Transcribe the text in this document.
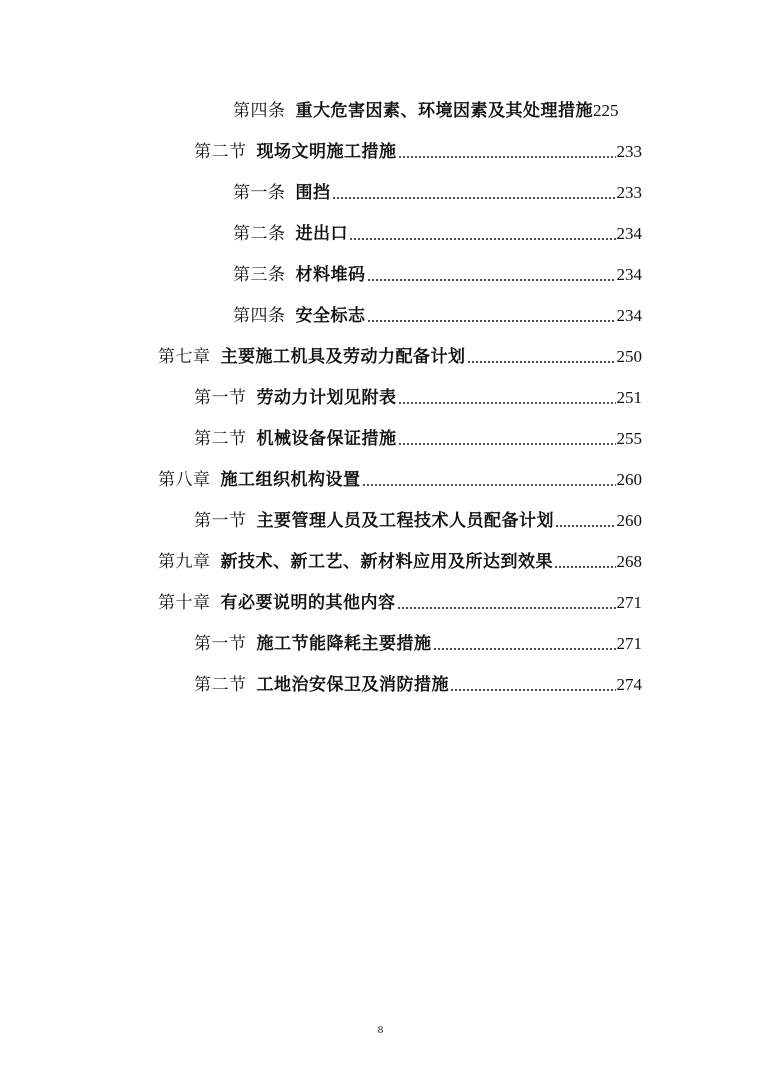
第四条 重大危害因素、环境因素及其处理措施 225
第二节 现场文明施工措施	233
第一条 围挡	233
第二条 进出口	234
第三条 材料堆码	234
第四条 安全标志	234
第七章 主要施工机具及劳动力配备计划	250
第一节 劳动力计划见附表	251
第二节 机械设备保证措施	255
第八章 施工组织机构设置	260
第一节 主要管理人员及工程技术人员配备计划	260
第九章 新技术、新工艺、新材料应用及所达到效果	268
第十章 有必要说明的其他内容	271
第一节 施工节能降耗主要措施	271
第二节 工地治安保卫及消防措施	274
8
